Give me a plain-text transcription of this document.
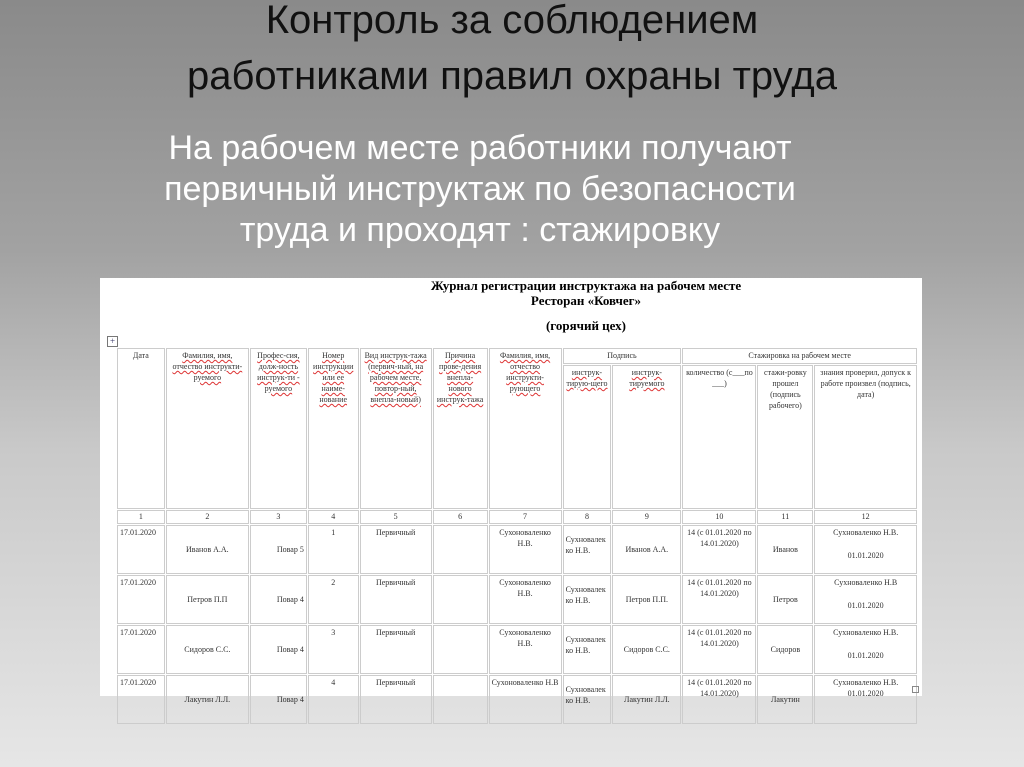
Контроль за соблюдением
работниками правил охраны труда
На рабочем месте работники получают первичный инструктаж по безопасности труда и проходят : стажировку
Журнал регистрации инструктажа на рабочем месте
Ресторан «Ковчег»
(горячий цех)
+
Дата	Фамилия, имя, отчество инструкти-руемого	Профес-сия, долж-ность инструк-ти - руемого	Номер инструкции или ее наиме-нование	Вид инструк-тажа (первич-ный, на рабочем месте, повтор-ный, внепла-новый)	Причина прове-дения внепла-нового инструк-тажа	Фамилия, имя, отчество инструкти-рующего	Подпись		Стажировка на рабочем месте		
							инструк-тирую-щего	инструк-тируемого	количество (с___по ___)	стажи-ровку прошел (подпись рабочего)	знания проверил, допуск к работе произвел (подпись, дата)
1	2	3	4	5	6	7	8	9	10	11	12
17.01.2020	Иванов А.А.	Повар 5	1	Первичный		Сухоноваленко Н.В.	Сухновалек ко Н.В.	Иванов А.А.	14 (с 01.01.2020 по 14.01.2020)	Иванов	Сухноваленко Н.В.
01.01.2020

17.01.2020	Петров П.П	Повар 4	2	Первичный		Сухоноваленко Н.В.	Сухновалек ко Н.В.	Петров П.П.	14 (с 01.01.2020 по 14.01.2020)	Петров	Сухноваленко Н.В
01.01.2020

17.01.2020	Сидоров С.С.	Повар 4	3	Первичный		Сухоноваленко Н.В.	Сухновалек ко Н.В.	Сидоров С.С.	14 (с 01.01.2020 по 14.01.2020)	Сидоров	Сухноваленко Н.В.
01.01.2020

17.01.2020	Лакутин Л.Л.	Повар 4	4	Первичный		Сухоноваленко Н.В	Сухновалек ко Н.В.	Лакутин Л.Л.	14 (с 01.01.2020 по 14.01.2020)	Лакутин	Сухноваленко Н.В.
01.01.2020
